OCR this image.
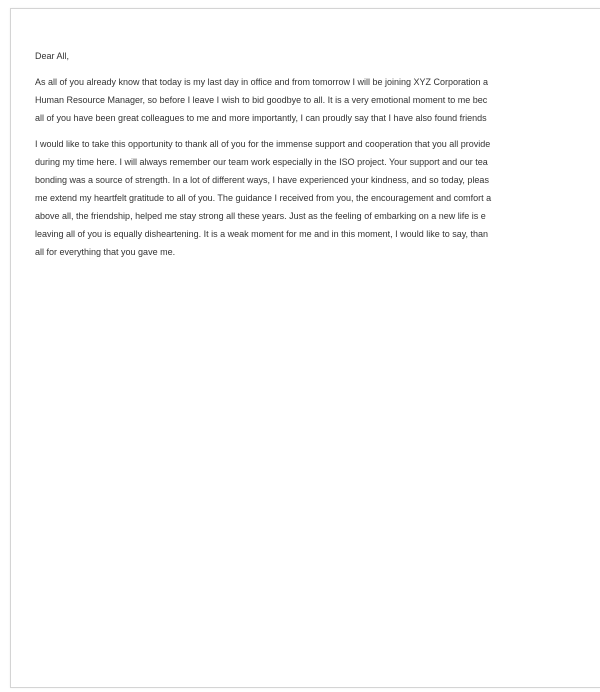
Dear All,
As all of you already know that today is my last day in office and from tomorrow I will be joining XYZ Corporation a
Human Resource Manager, so before I leave I wish to bid goodbye to all. It is a very emotional moment to me bec
all of you have been great colleagues to me and more importantly, I can proudly say that I have also found friends
I would like to take this opportunity to thank all of you for the immense support and cooperation that you all provide
during my time here. I will always remember our team work especially in the ISO project. Your support and our tea
bonding was a source of strength. In a lot of different ways, I have experienced your kindness, and so today, pleas
me extend my heartfelt gratitude to all of you. The guidance I received from you, the encouragement and comfort a
above all, the friendship, helped me stay strong all these years. Just as the feeling of embarking on a new life is e
leaving all of you is equally disheartening. It is a weak moment for me and in this moment, I would like to say, than
all for everything that you gave me.
